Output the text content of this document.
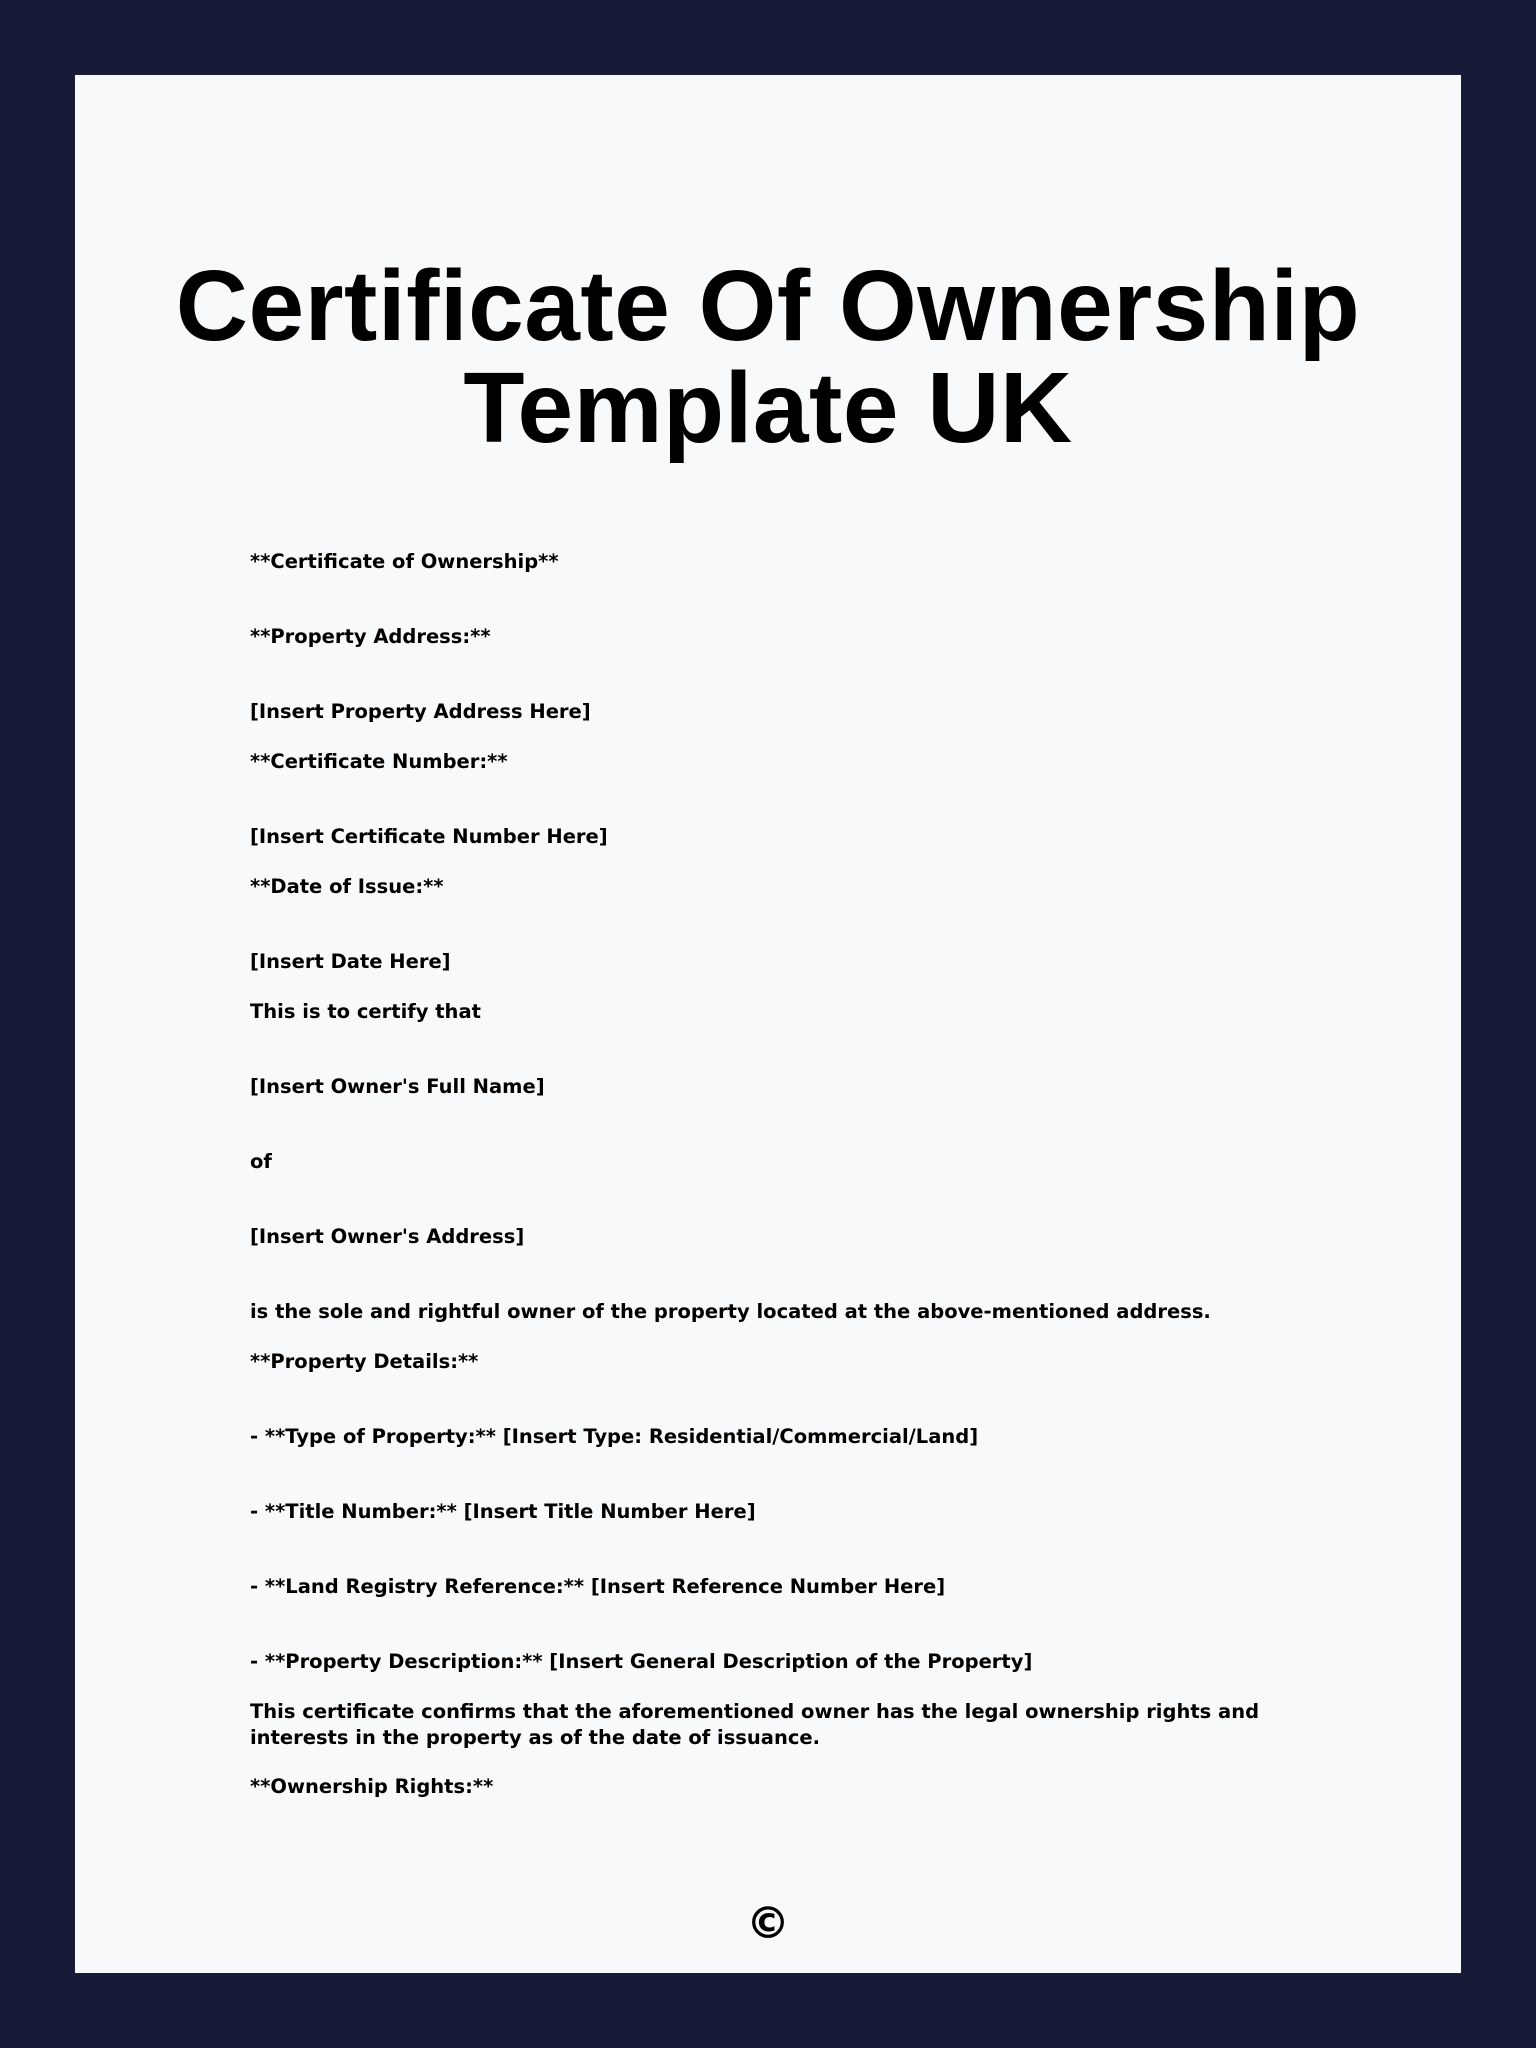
Certificate Of Ownership Template UK

**Certificate of Ownership**

**Property Address:**

[Insert Property Address Here]

**Certificate Number:**

[Insert Certificate Number Here]

**Date of Issue:**

[Insert Date Here]

This is to certify that

[Insert Owner's Full Name]

of

[Insert Owner's Address]

is the sole and rightful owner of the property located at the above-mentioned address.

**Property Details:**

- **Type of Property:** [Insert Type: Residential/Commercial/Land]

- **Title Number:** [Insert Title Number Here]

- **Land Registry Reference:** [Insert Reference Number Here]

- **Property Description:** [Insert General Description of the Property]

This certificate confirms that the aforementioned owner has the legal ownership rights and interests in the property as of the date of issuance.

**Ownership Rights:**

©
